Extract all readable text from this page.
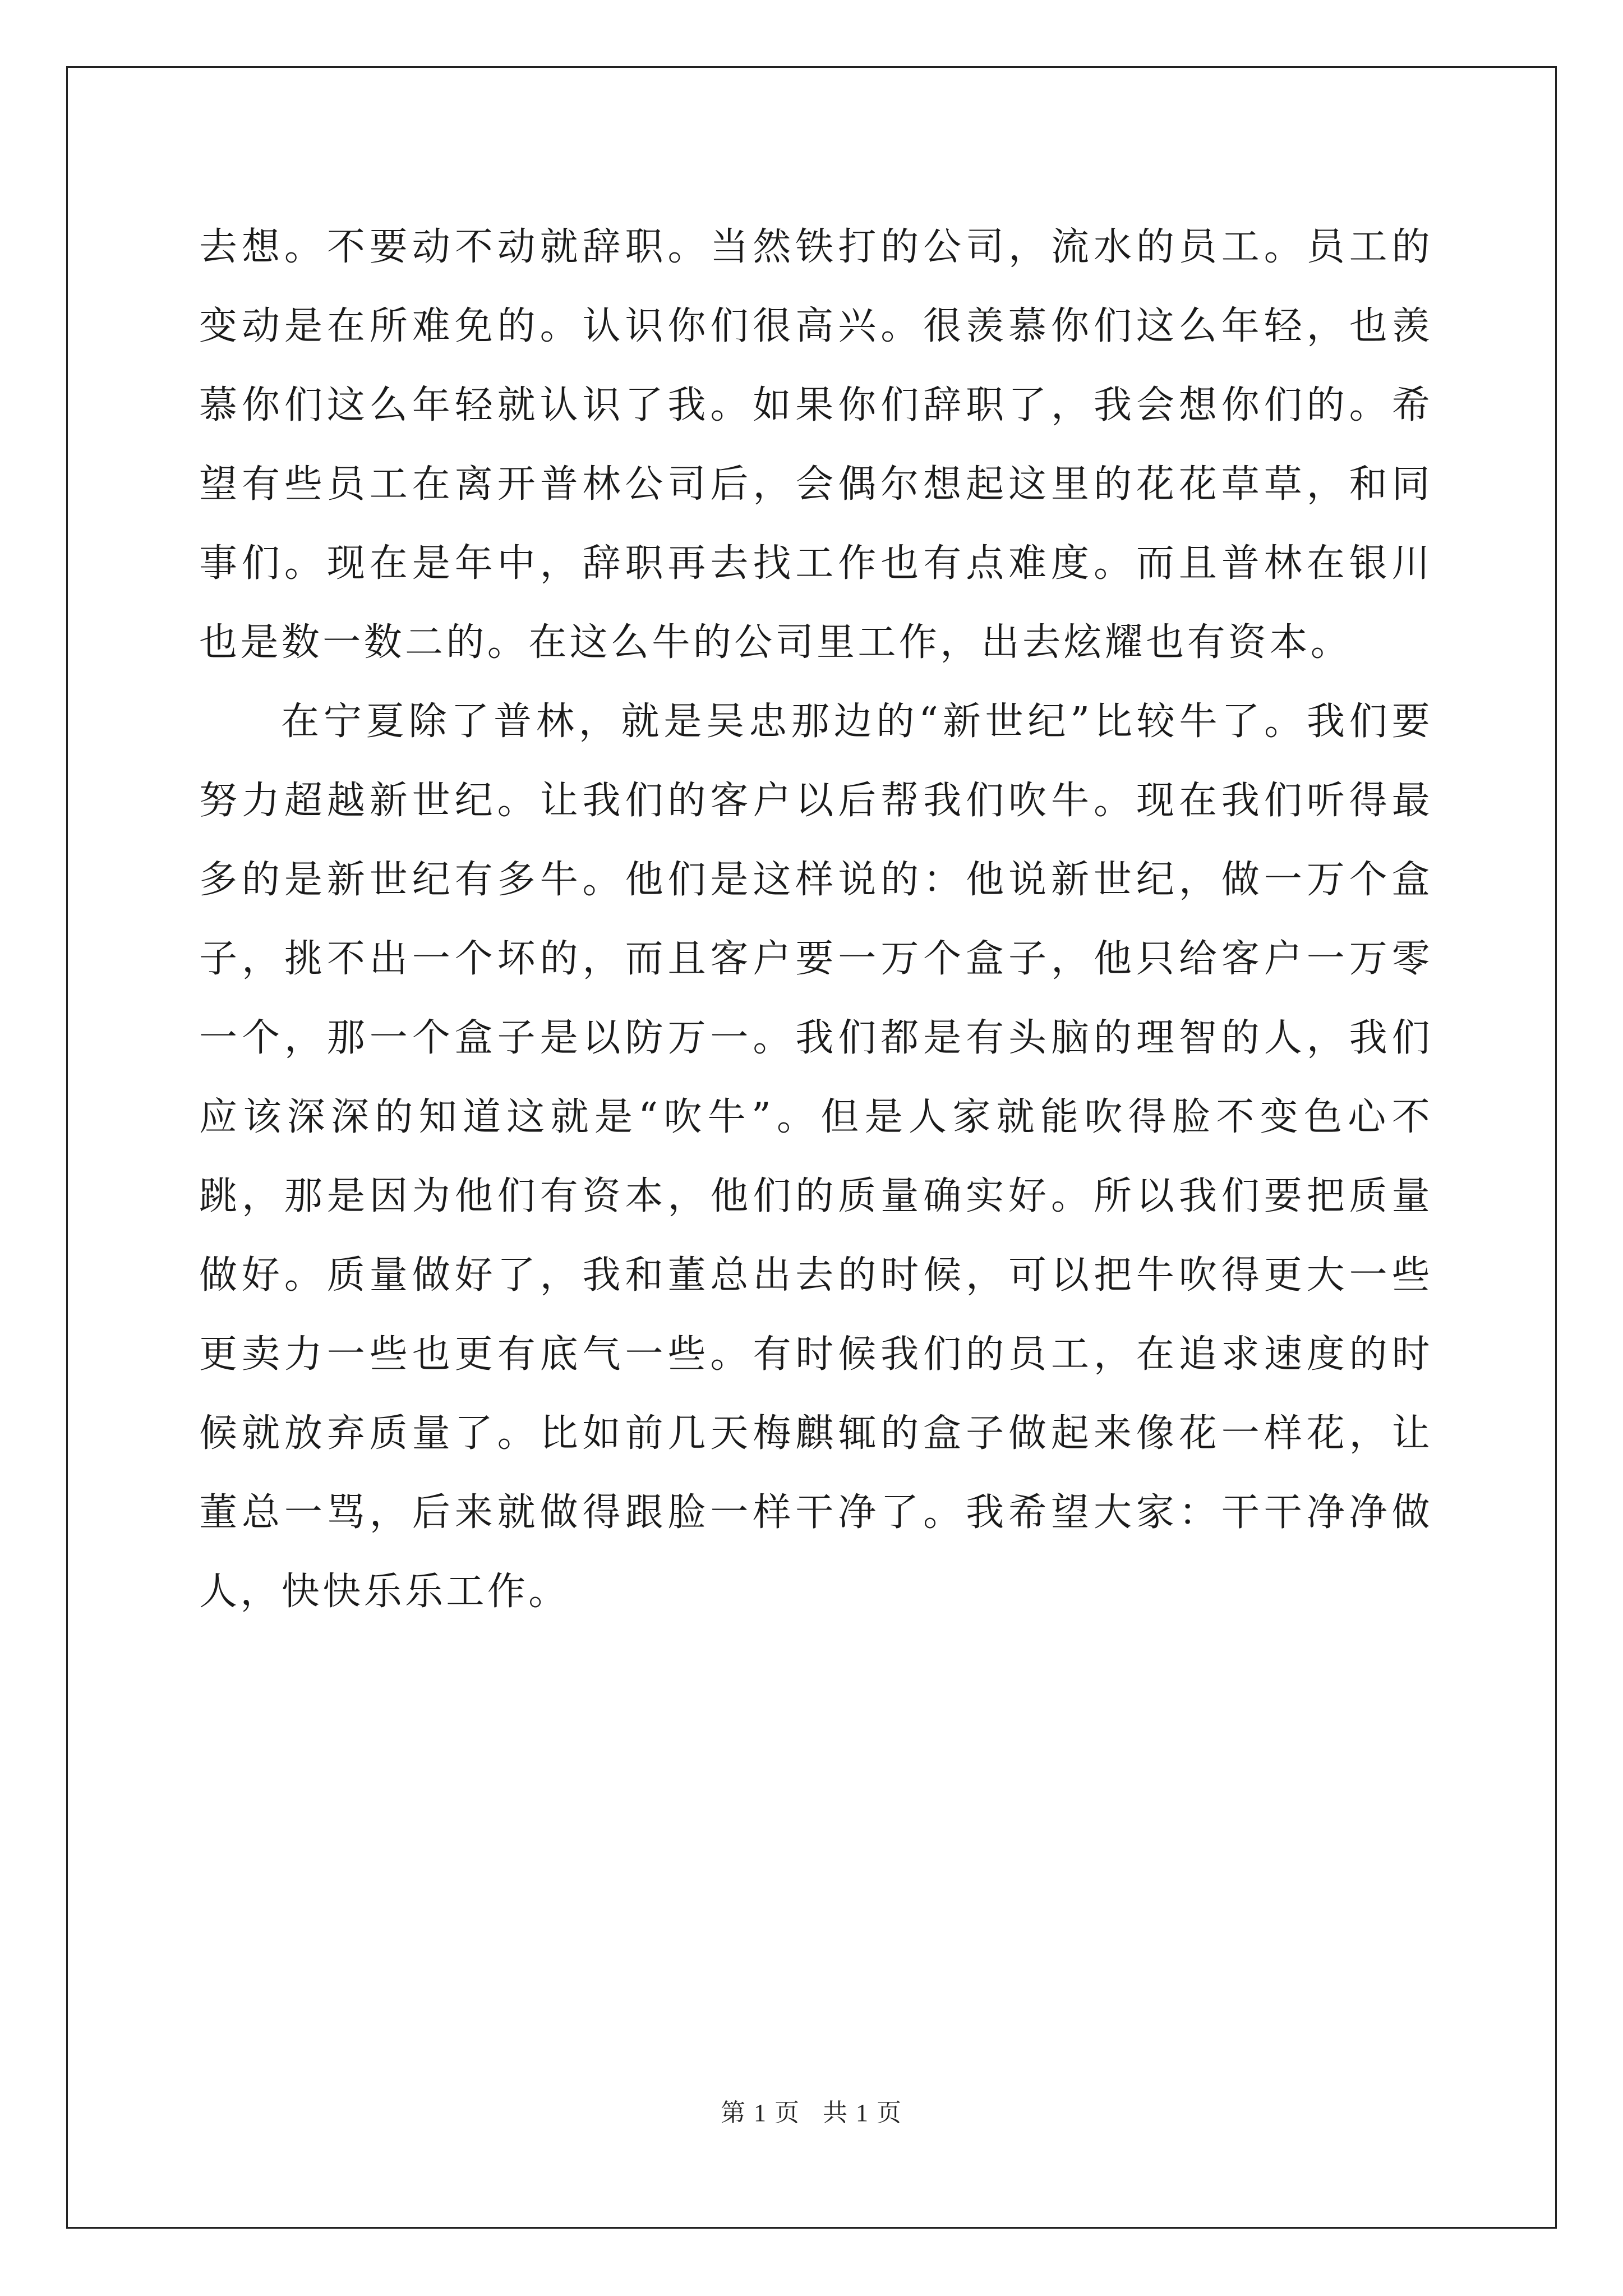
去想。不要动不动就辞职。当然铁打的公司，流水的员工。员工的变动是在所难免的。认识你们很高兴。很羡慕你们这么年轻，也羡慕你们这么年轻就认识了我。如果你们辞职了，我会想你们的。希望有些员工在离开普林公司后，会偶尔想起这里的花花草草，和同事们。现在是年中，辞职再去找工作也有点难度。而且普林在银川也是数一数二的。在这么牛的公司里工作，出去炫耀也有资本。

在宁夏除了普林，就是吴忠那边的“新世纪”比较牛了。我们要努力超越新世纪。让我们的客户以后帮我们吹牛。现在我们听得最多的是新世纪有多牛。他们是这样说的：他说新世纪，做一万个盒子，挑不出一个坏的，而且客户要一万个盒子，他只给客户一万零一个，那一个盒子是以防万一。我们都是有头脑的理智的人，我们应该深深的知道这就是“吹牛”。但是人家就能吹得脸不变色心不跳，那是因为他们有资本，他们的质量确实好。所以我们要把质量做好。质量做好了，我和董总出去的时候，可以把牛吹得更大一些更卖力一些也更有底气一些。有时候我们的员工，在追求速度的时候就放弃质量了。比如前几天梅麒辄的盒子做起来像花一样花，让董总一骂，后来就做得跟脸一样干净了。我希望大家：干干净净做人，快快乐乐工作。

第 1 页 共 1 页
